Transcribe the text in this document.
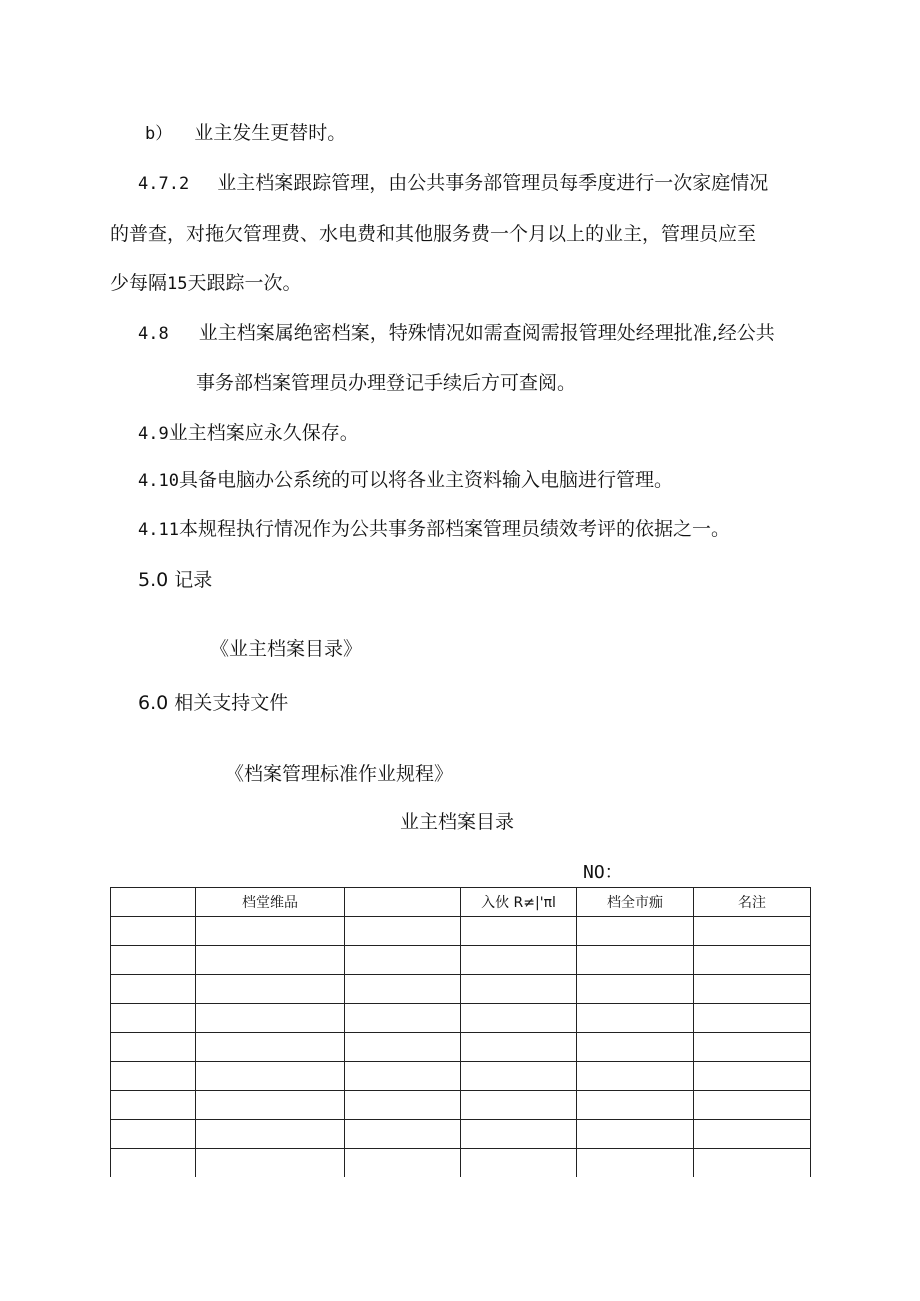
b） 业主发生更替时。
4.7.2 业主档案跟踪管理，由公共事务部管理员每季度进行一次家庭情况
的普查，对拖欠管理费、水电费和其他服务费一个月以上的业主，管理员应至
少每隔15天跟踪一次。
4.8 业主档案属绝密档案，特殊情况如需查阅需报管理处经理批准,经公共
事务部档案管理员办理登记手续后方可查阅。
4.9业主档案应永久保存。
4.10具备电脑办公系统的可以将各业主资料输入电脑进行管理。
4.11本规程执行情况作为公共事务部档案管理员绩效考评的依据之一。
5.0 记录
《业主档案目录》
6.0 相关支持文件
《档案管理标准作业规程》
业主档案目录
NO：
	档堂维品		入伙 R≠|'πl	档全市痂	名注
